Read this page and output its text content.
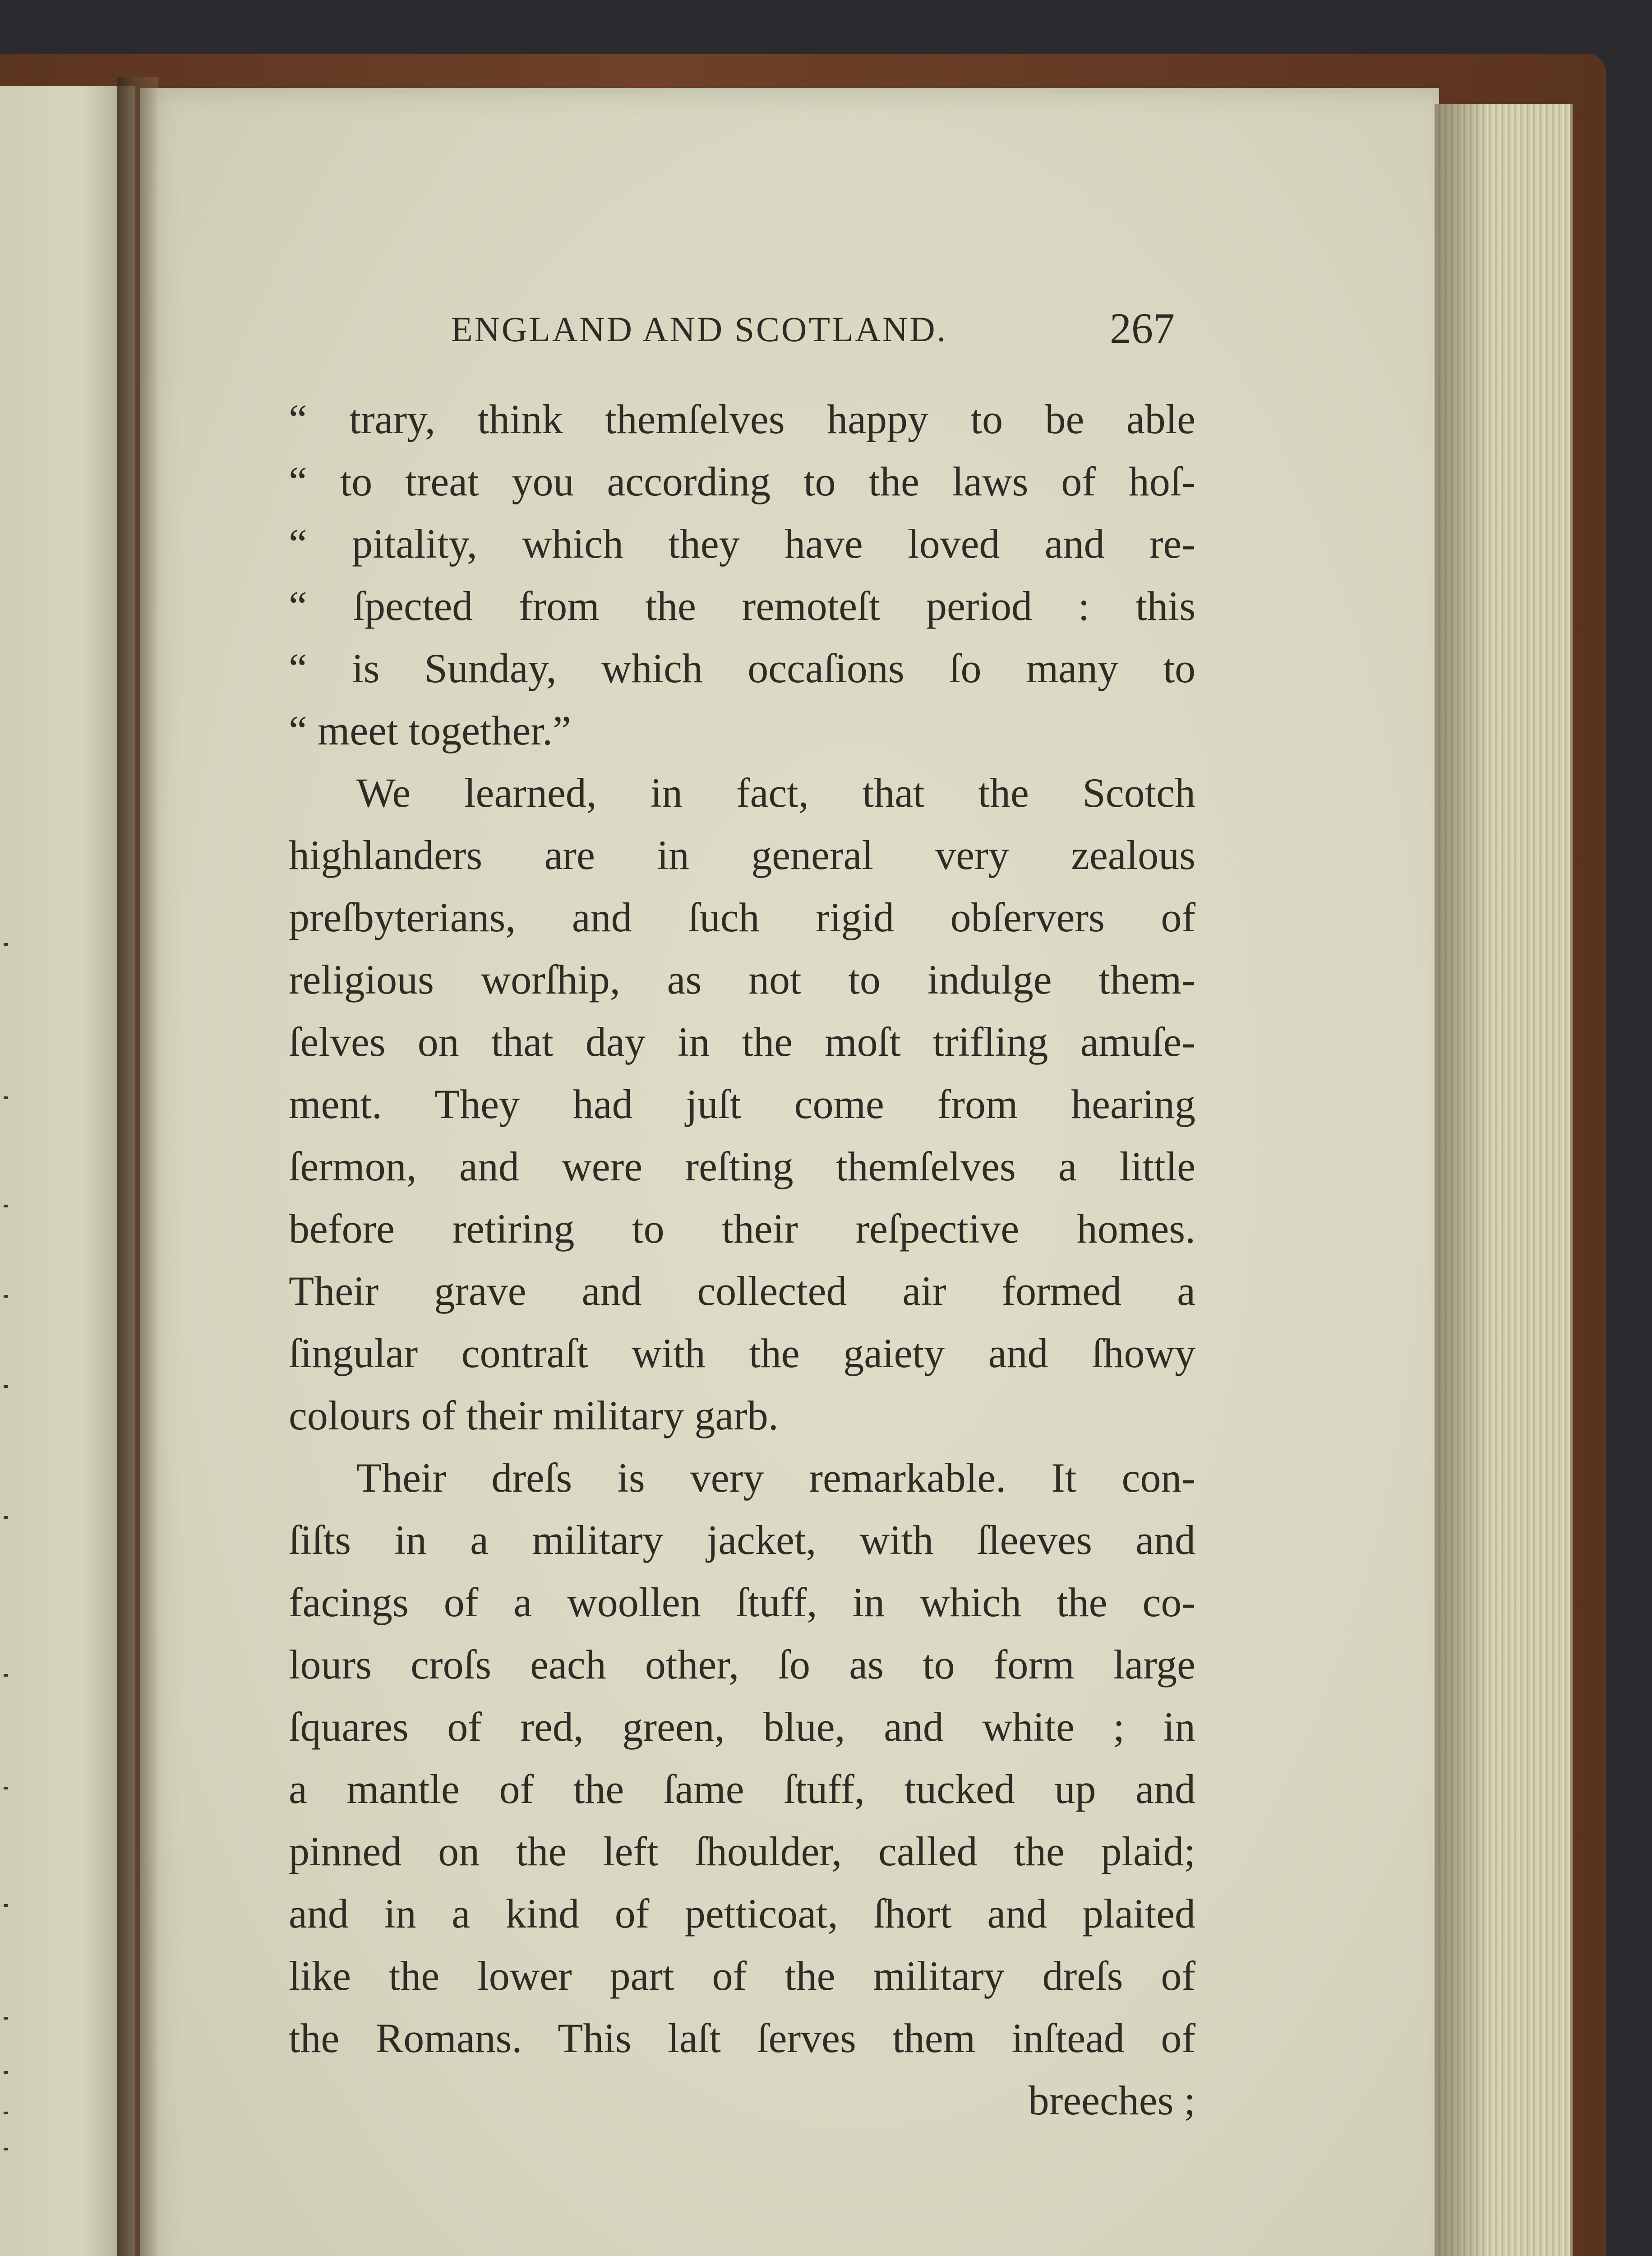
ENGLAND AND SCOTLAND.	267
“ trary, think themſelves happy to be able
“ to treat you according to the laws of hoſ-
“ pitality, which they have loved and re-
“ ſpected from the remoteſt period : this
“ is Sunday, which occaſions ſo many to
“ meet together.”
We learned, in fact, that the Scotch
highlanders are in general very zealous
preſbyterians, and ſuch rigid obſervers of
religious worſhip, as not to indulge them-
ſelves on that day in the moſt trifling amuſe-
ment. They had juſt come from hearing
ſermon, and were reſting themſelves a little
before retiring to their reſpective homes.
Their grave and collected air formed a
ſingular contraſt with the gaiety and ſhowy
colours of their military garb.
Their dreſs is very remarkable. It con-
ſiſts in a military jacket, with ſleeves and
facings of a woollen ſtuff, in which the co-
lours croſs each other, ſo as to form large
ſquares of red, green, blue, and white ; in
a mantle of the ſame ſtuff, tucked up and
pinned on the left ſhoulder, called the plaid;
and in a kind of petticoat, ſhort and plaited
like the lower part of the military dreſs of
the Romans. This laſt ſerves them inſtead of
breeches ;
